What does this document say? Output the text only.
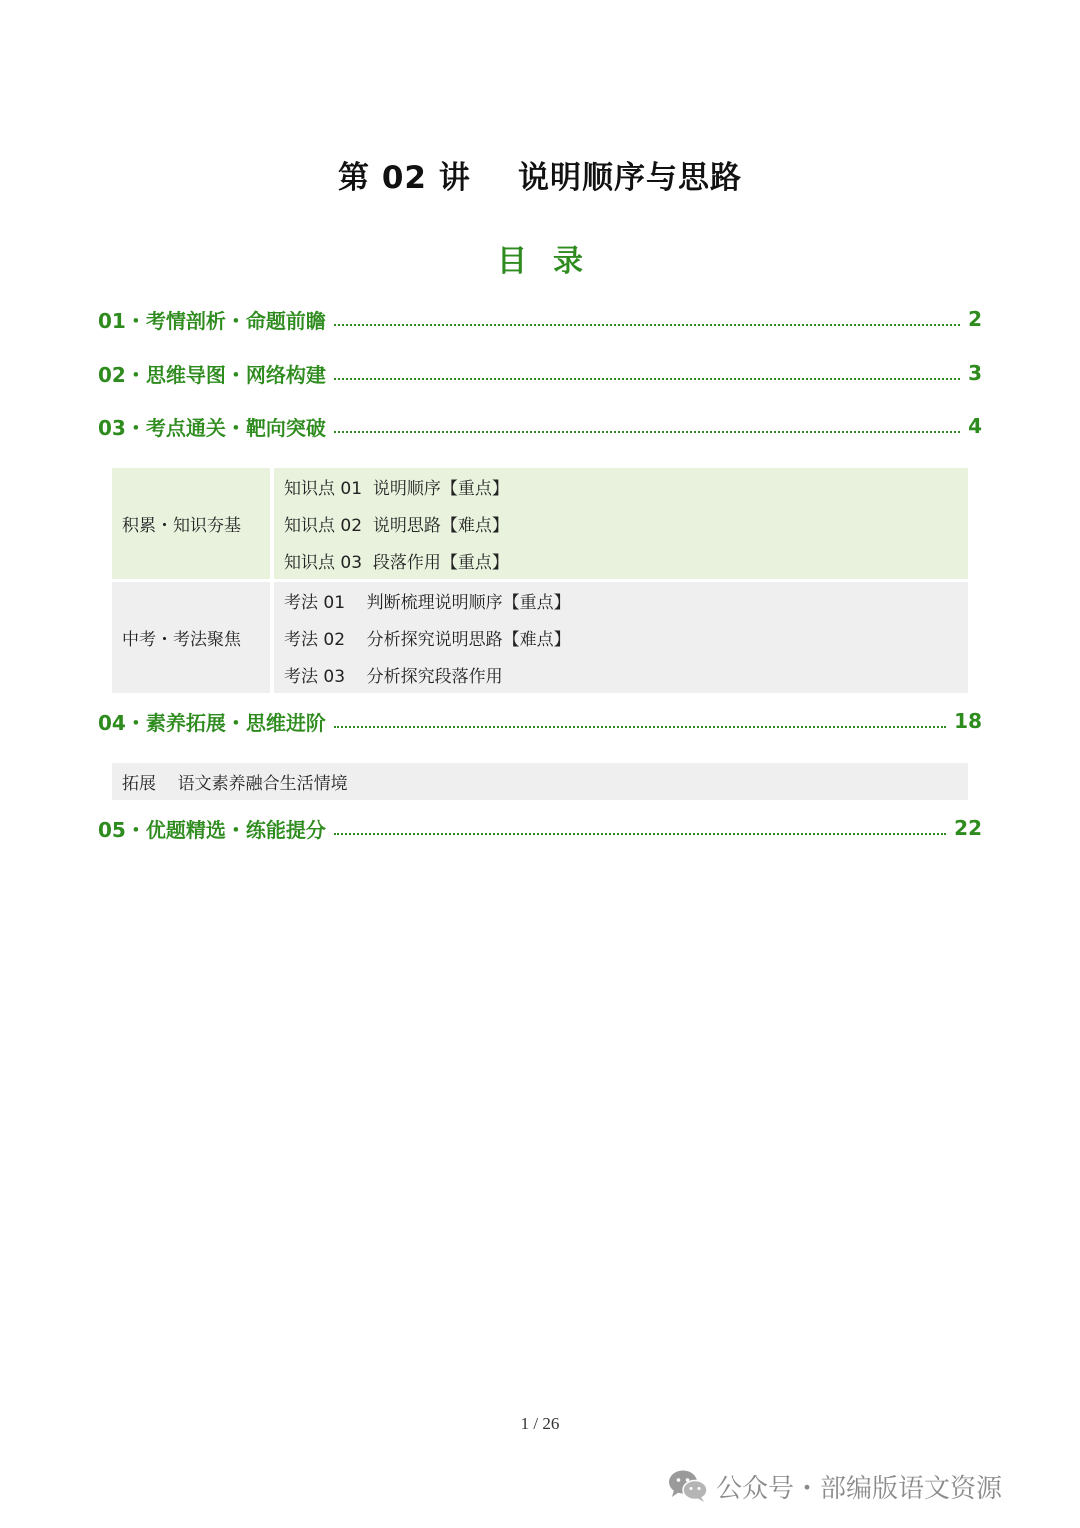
第 02 讲    说明顺序与思路
目录
01・考情剖析・命题前瞻	2
02・思维导图・网络构建	3
03・考点通关・靶向突破	4
积累・知识夯基
知识点 01  说明顺序【重点】
知识点 02  说明思路【难点】
知识点 03  段落作用【重点】
中考・考法聚焦
考法 01    判断梳理说明顺序【重点】
考法 02    分析探究说明思路【难点】
考法 03    分析探究段落作用
04・素养拓展・思维进阶	18
拓展    语文素养融合生活情境
05・优题精选・练能提分	22
1 / 26
公众号・部编版语文资源
